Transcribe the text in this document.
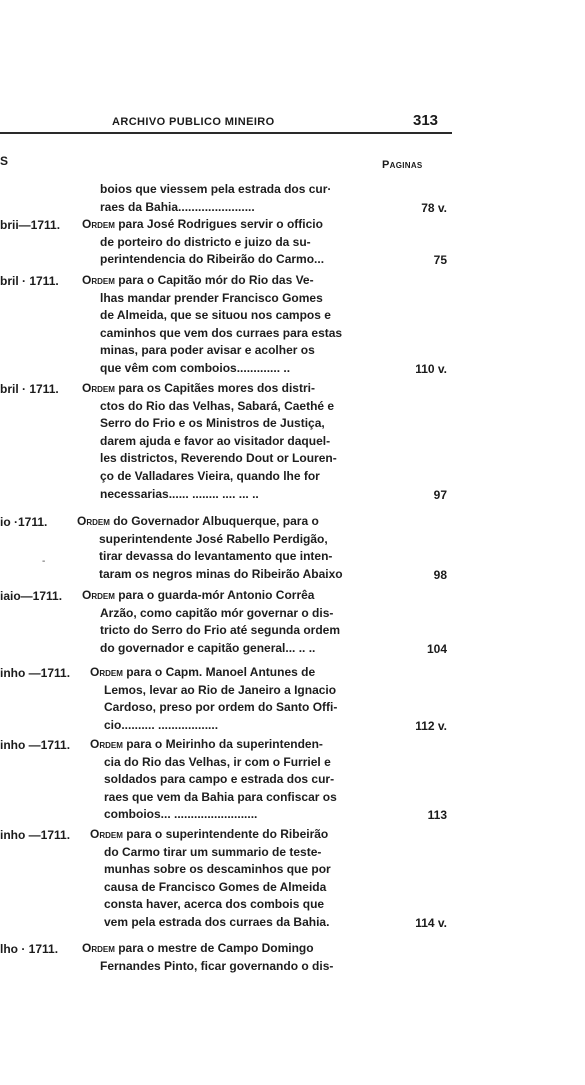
ARCHIVO PUBLICO MINEIRO	313
S	Paginas
-
boios que viessem pela estrada dos cur·
raes da Bahia.......................	78 v.
brii—1711. Ordem para José Rodrigues servir o officio
de porteiro do districto e juizo da su-
perintendencia do Ribeirão do Carmo...	75
bril · 1711. Ordem para o Capitão mór do Rio das Ve-
lhas mandar prender Francisco Gomes
de Almeida, que se situou nos campos e
caminhos que vem dos curraes para estas
minas, para poder avisar e acolher os
que vêm com comboios............. ..	110 v.
bril · 1711. Ordem para os Capitães mores dos distri-
ctos do Rio das Velhas, Sabará, Caethé e
Serro do Frio e os Ministros de Justiça,
darem ajuda e favor ao visitador daquel-
les districtos, Reverendo Dout or Louren-
ço de Valladares Vieira, quando lhe for
necessarias...... ........ .... ... ..	97
io ·1711. Ordem do Governador Albuquerque, para o
superintendente José Rabello Perdigão,
tirar devassa do levantamento que inten-
taram os negros minas do Ribeirão Abaixo	98
iaio—1711. Ordem para o guarda-mór Antonio Corrêa
Arzão, como capitão mór governar o dis-
tricto do Serro do Frio até segunda ordem
do governador e capitão general... .. ..	104
inho —1711. Ordem para o Capm. Manoel Antunes de
Lemos, levar ao Rio de Janeiro a Ignacio
Cardoso, preso por ordem do Santo Offi-
cio.......... ..................	112 v.
inho —1711. Ordem para o Meirinho da superintenden-
cia do Rio das Velhas, ir com o Furriel e
soldados para campo e estrada dos cur-
raes que vem da Bahia para confiscar os
comboios... .........................	113
inho —1711. Ordem para o superintendente do Ribeirão
do Carmo tirar um summario de teste-
munhas sobre os descaminhos que por
causa de Francisco Gomes de Almeida
consta haver, acerca dos combois que
vem pela estrada dos curraes da Bahia.	114 v.
lho · 1711. Ordem para o mestre de Campo Domingo
Fernandes Pinto, ficar governando o dis-
